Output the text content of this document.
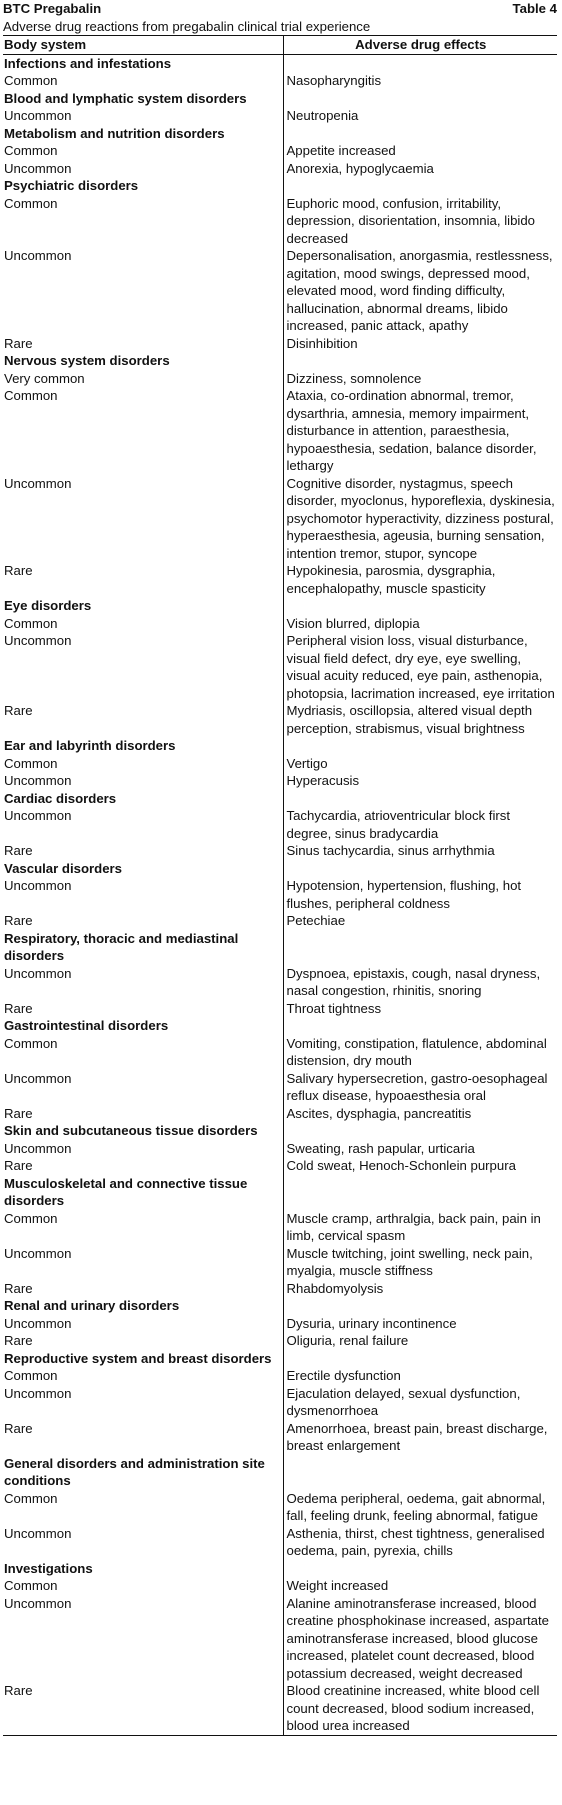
BTC Pregabalin	Table 4
Adverse drug reactions from pregabalin clinical trial experience
Body system	Adverse drug effects
Infections and infestations	
Common	Nasopharyngitis
Blood and lymphatic system disorders	
Uncommon	Neutropenia
Metabolism and nutrition disorders	
Common	Appetite increased
Uncommon	Anorexia, hypoglycaemia
Psychiatric disorders	
Common	Euphoric mood, confusion, irritability, depression, disorientation, insomnia, libido decreased
Uncommon	Depersonalisation, anorgasmia, restlessness, agitation, mood swings, depressed mood, elevated mood, word finding difficulty, hallucination, abnormal dreams, libido increased, panic attack, apathy
Rare	Disinhibition
Nervous system disorders	
Very common	Dizziness, somnolence
Common	Ataxia, co-ordination abnormal, tremor, dysarthria, amnesia, memory impairment, disturbance in attention, paraesthesia, hypoaesthesia, sedation, balance disorder, lethargy
Uncommon	Cognitive disorder, nystagmus, speech disorder, myoclonus, hyporeflexia, dyskinesia, psychomotor hyperactivity, dizziness postural, hyperaesthesia, ageusia, burning sensation, intention tremor, stupor, syncope
Rare	Hypokinesia, parosmia, dysgraphia, encephalopathy, muscle spasticity
Eye disorders	
Common	Vision blurred, diplopia
Uncommon	Peripheral vision loss, visual disturbance, visual field defect, dry eye, eye swelling, visual acuity reduced, eye pain, asthenopia, photopsia, lacrimation increased, eye irritation
Rare	Mydriasis, oscillopsia, altered visual depth perception, strabismus, visual brightness
Ear and labyrinth disorders	
Common	Vertigo
Uncommon	Hyperacusis
Cardiac disorders	
Uncommon	Tachycardia, atrioventricular block first degree, sinus bradycardia
Rare	Sinus tachycardia, sinus arrhythmia
Vascular disorders	
Uncommon	Hypotension, hypertension, flushing, hot flushes, peripheral coldness
Rare	Petechiae
Respiratory, thoracic and mediastinal disorders	
Uncommon	Dyspnoea, epistaxis, cough, nasal dryness, nasal congestion, rhinitis, snoring
Rare	Throat tightness
Gastrointestinal disorders	
Common	Vomiting, constipation, flatulence, abdominal distension, dry mouth
Uncommon	Salivary hypersecretion, gastro-oesophageal reflux disease, hypoaesthesia oral
Rare	Ascites, dysphagia, pancreatitis
Skin and subcutaneous tissue disorders	
Uncommon	Sweating, rash papular, urticaria
Rare	Cold sweat, Henoch-Schonlein purpura
Musculoskeletal and connective tissue disorders	
Common	Muscle cramp, arthralgia, back pain, pain in limb, cervical spasm
Uncommon	Muscle twitching, joint swelling, neck pain, myalgia, muscle stiffness
Rare	Rhabdomyolysis
Renal and urinary disorders	
Uncommon	Dysuria, urinary incontinence
Rare	Oliguria, renal failure
Reproductive system and breast disorders	
Common	Erectile dysfunction
Uncommon	Ejaculation delayed, sexual dysfunction, dysmenorrhoea
Rare	Amenorrhoea, breast pain, breast discharge, breast enlargement
General disorders and administration site conditions	
Common	Oedema peripheral, oedema, gait abnormal, fall, feeling drunk, feeling abnormal, fatigue
Uncommon	Asthenia, thirst, chest tightness, generalised oedema, pain, pyrexia, chills
Investigations	
Common	Weight increased
Uncommon	Alanine aminotransferase increased, blood creatine phosphokinase increased, aspartate aminotransferase increased, blood glucose increased, platelet count decreased, blood potassium decreased, weight decreased
Rare	Blood creatinine increased, white blood cell count decreased, blood sodium increased, blood urea increased
